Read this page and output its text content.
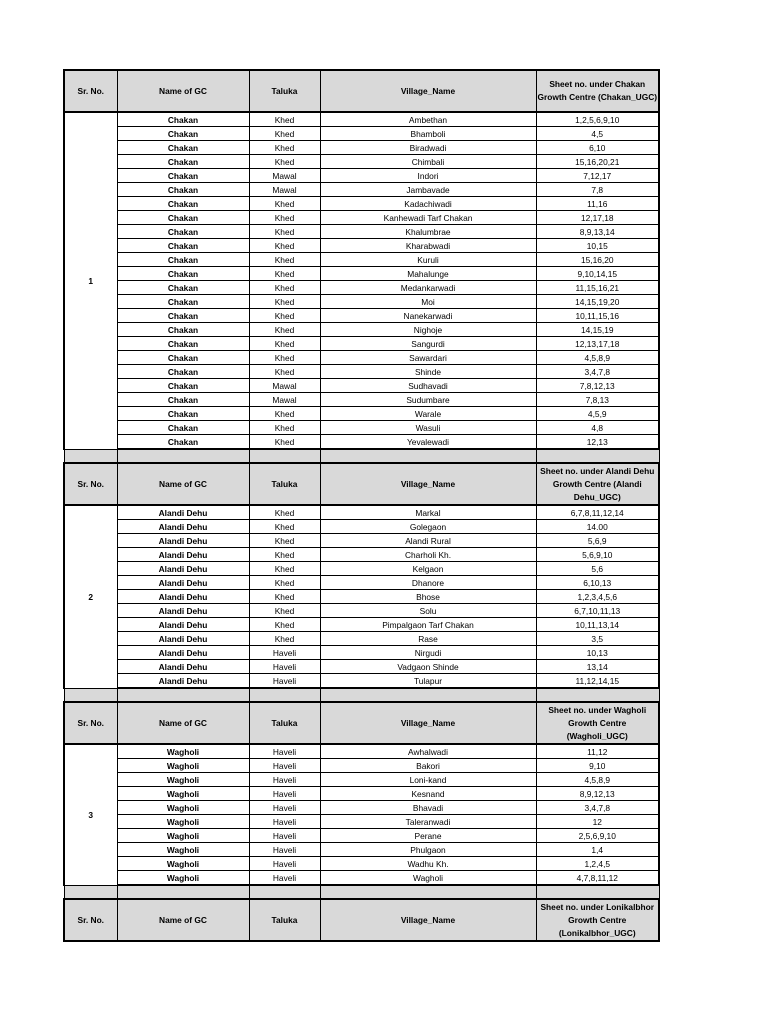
Sr. No.	Name of GC	Taluka	Village_Name	Sheet no. under Chakan Growth Centre (Chakan_UGC)
1	Chakan	Khed	Ambethan	1,2,5,6,9,10
	Chakan	Khed	Bhamboli	4,5
	Chakan	Khed	Biradwadi	6,10
	Chakan	Khed	Chimbali	15,16,20,21
	Chakan	Mawal	Indori	7,12,17
	Chakan	Mawal	Jambavade	7,8
	Chakan	Khed	Kadachiwadi	11,16
	Chakan	Khed	Kanhewadi Tarf Chakan	12,17,18
	Chakan	Khed	Khalumbrae	8,9,13,14
	Chakan	Khed	Kharabwadi	10,15
	Chakan	Khed	Kuruli	15,16,20
	Chakan	Khed	Mahalunge	9,10,14,15
	Chakan	Khed	Medankarwadi	11,15,16,21
	Chakan	Khed	Moi	14,15,19,20
	Chakan	Khed	Nanekarwadi	10,11,15,16
	Chakan	Khed	Nighoje	14,15,19
	Chakan	Khed	Sangurdi	12,13,17,18
	Chakan	Khed	Sawardari	4,5,8,9
	Chakan	Khed	Shinde	3,4,7,8
	Chakan	Mawal	Sudhavadi	7,8,12,13
	Chakan	Mawal	Sudumbare	7,8,13
	Chakan	Khed	Warale	4,5,9
	Chakan	Khed	Wasuli	4,8
	Chakan	Khed	Yevalewadi	12,13

Sr. No.	Name of GC	Taluka	Village_Name	Sheet no. under Alandi Dehu Growth Centre (Alandi Dehu_UGC)
2	Alandi Dehu	Khed	Markal	6,7,8,11,12,14
	Alandi Dehu	Khed	Golegaon	14.00
	Alandi Dehu	Khed	Alandi Rural	5,6,9
	Alandi Dehu	Khed	Charholi Kh.	5,6,9,10
	Alandi Dehu	Khed	Kelgaon	5,6
	Alandi Dehu	Khed	Dhanore	6,10,13
	Alandi Dehu	Khed	Bhose	1,2,3,4,5,6
	Alandi Dehu	Khed	Solu	6,7,10,11,13
	Alandi Dehu	Khed	Pimpalgaon Tarf Chakan	10,11,13,14
	Alandi Dehu	Khed	Rase	3,5
	Alandi Dehu	Haveli	Nirgudi	10,13
	Alandi Dehu	Haveli	Vadgaon Shinde	13,14
	Alandi Dehu	Haveli	Tulapur	11,12,14,15

Sr. No.	Name of GC	Taluka	Village_Name	Sheet no. under Wagholi Growth Centre (Wagholi_UGC)
3	Wagholi	Haveli	Awhalwadi	11,12
	Wagholi	Haveli	Bakori	9,10
	Wagholi	Haveli	Loni-kand	4,5,8,9
	Wagholi	Haveli	Kesnand	8,9,12,13
	Wagholi	Haveli	Bhavadi	3,4,7,8
	Wagholi	Haveli	Taleranwadi	12
	Wagholi	Haveli	Perane	2,5,6,9,10
	Wagholi	Haveli	Phulgaon	1,4
	Wagholi	Haveli	Wadhu Kh.	1,2,4,5
	Wagholi	Haveli	Wagholi	4,7,8,11,12

Sr. No.	Name of GC	Taluka	Village_Name	Sheet no. under Lonikalbhor Growth Centre (Lonikalbhor_UGC)
